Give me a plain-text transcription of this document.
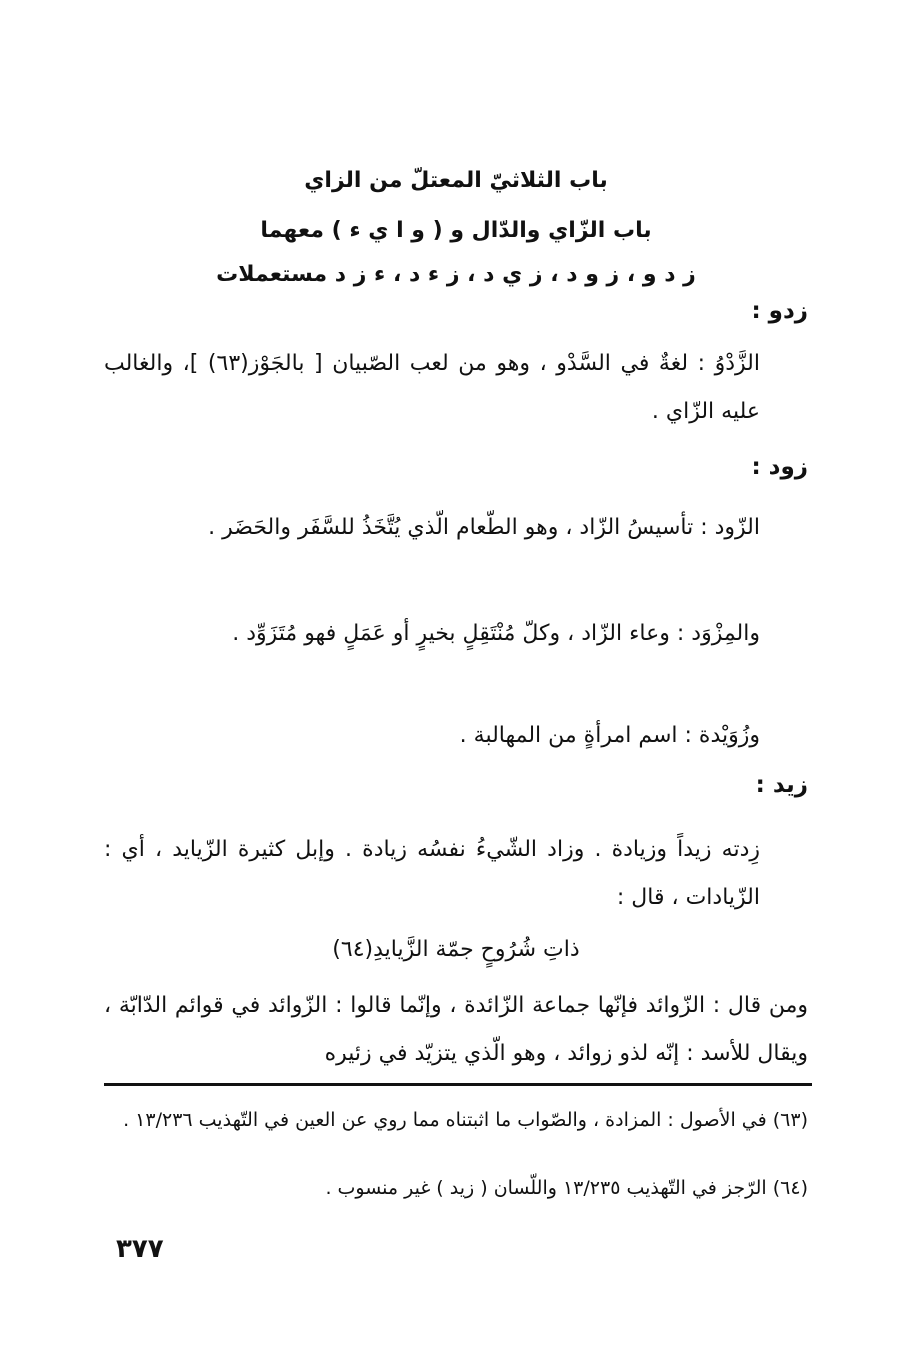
باب الثلاثيّ المعتلّ من الزاي
باب الزّاي والدّال و ( و ا ي ء ) معهما
ز د و ، ز و د ، ز ي د ، ز ء د ، ء ز د مستعملات
زدو :
الزَّدْوُ : لغةٌ في السَّدْو ، وهو من لعب الصّبيان [ بالجَوْز(٦٣) ]، والغالب عليه الزّاي .
زود :
الزّود : تأسيسُ الزّاد ، وهو الطّعام الّذي يُتَّخَذُ للسَّفَر والحَضَر .
والمِزْوَد : وعاء الزّاد ، وكلّ مُنْتَقِلٍ بخيرٍ أو عَمَلٍ فهو مُتَزَوِّد .
وزُوَيْدة : اسم امرأةٍ من المهالبة .
زيد :
زِدته زيداً وزيادة . وزاد الشّيءُ نفسُه زيادة . وإبل كثيرة الزّيايد ، أي : الزّيادات ، قال :
ذاتِ شُرُوحٍ جمّة الزَّيايدِ(٦٤)
ومن قال : الزّوائد فإنّها جماعة الزّائدة ، وإنّما قالوا : الزّوائد في قوائم الدّابّة ، ويقال للأسد : إنّه لذو زوائد ، وهو الّذي يتزيّد في زئيره
(٦٣) في الأصول : المزادة ، والصّواب ما اثبتناه مما روي عن العين في التّهذيب ١٣/٢٣٦ .
(٦٤) الرّجز في التّهذيب ١٣/٢٣٥ واللّسان ( زيد ) غير منسوب .
٣٧٧
